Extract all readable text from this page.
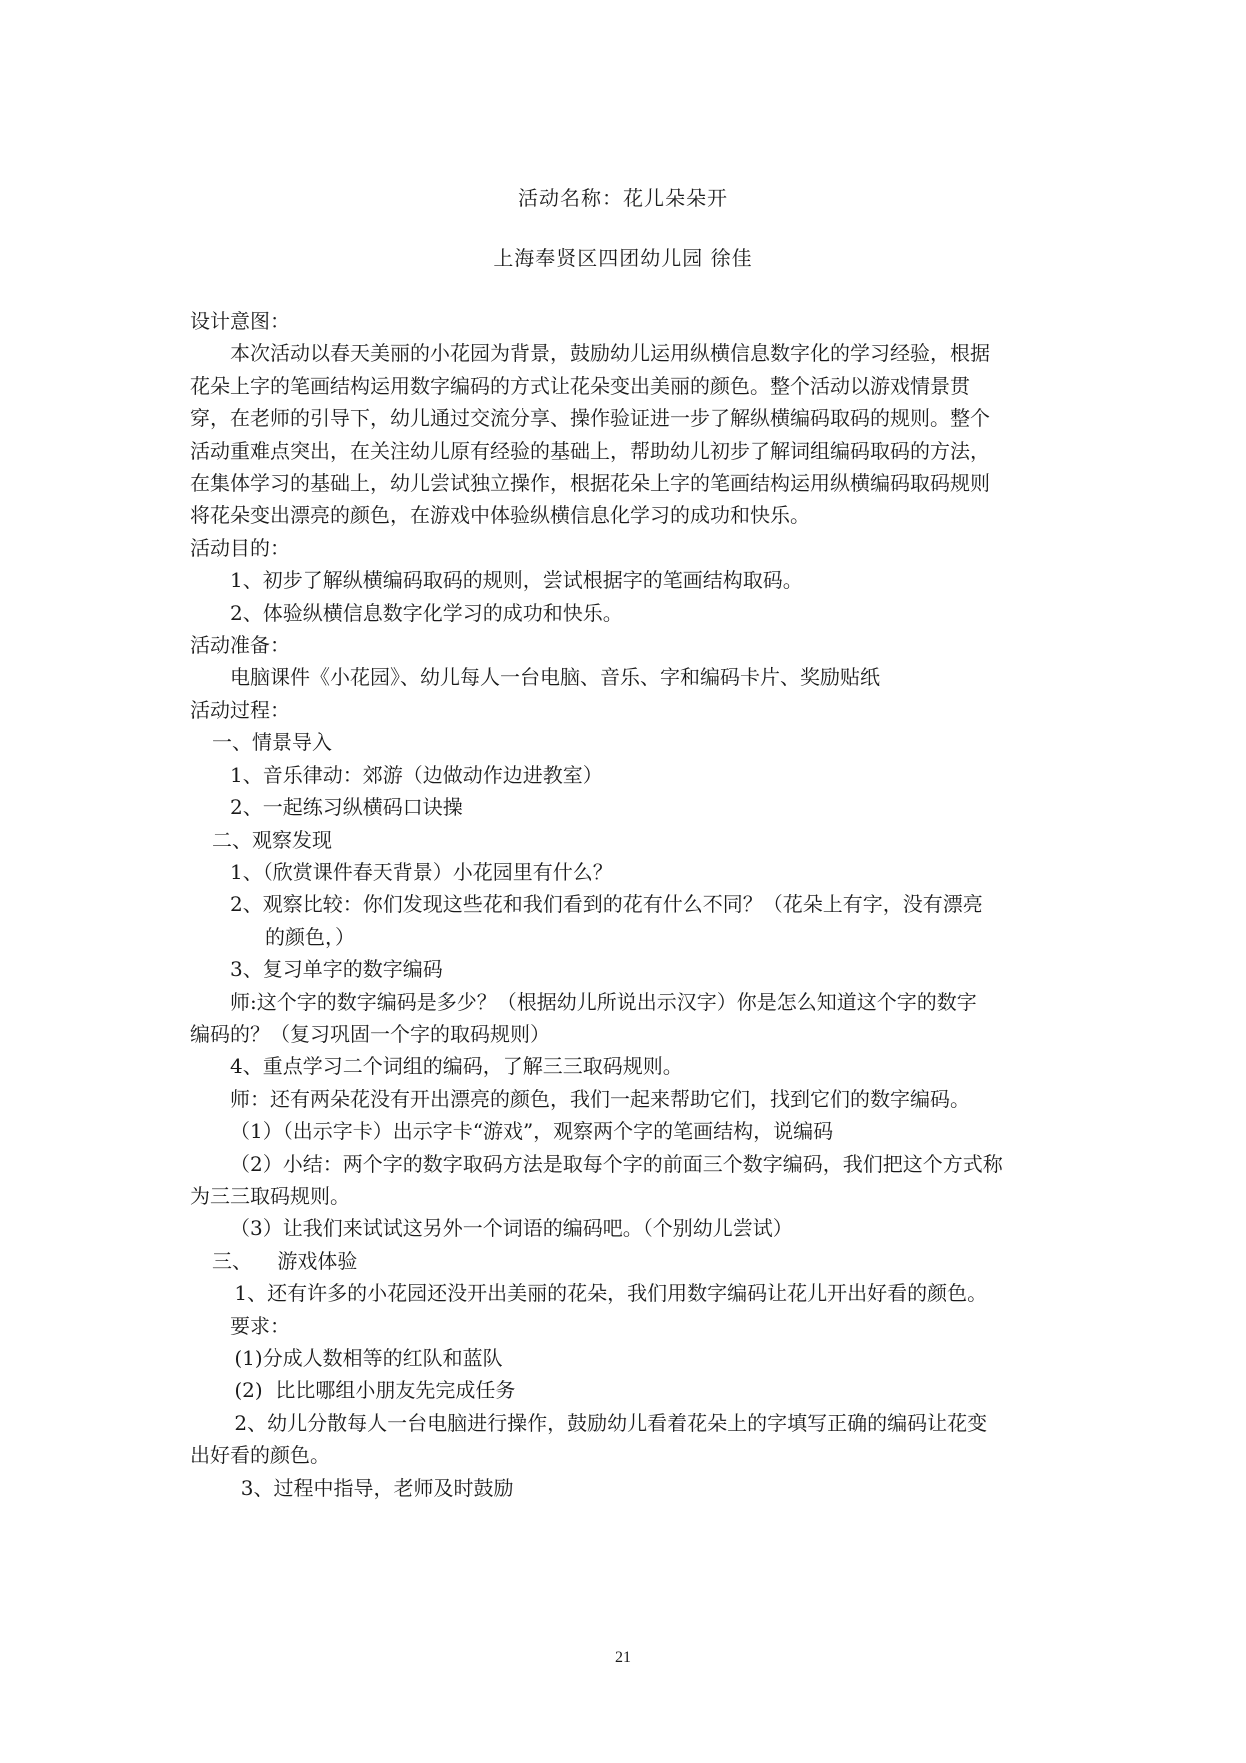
活动名称：花儿朵朵开
上海奉贤区四团幼儿园 徐佳
设计意图：
本次活动以春天美丽的小花园为背景，鼓励幼儿运用纵横信息数字化的学习经验，根据
花朵上字的笔画结构运用数字编码的方式让花朵变出美丽的颜色。整个活动以游戏情景贯
穿，在老师的引导下，幼儿通过交流分享、操作验证进一步了解纵横编码取码的规则。整个
活动重难点突出，在关注幼儿原有经验的基础上，帮助幼儿初步了解词组编码取码的方法，
在集体学习的基础上，幼儿尝试独立操作，根据花朵上字的笔画结构运用纵横编码取码规则
将花朵变出漂亮的颜色，在游戏中体验纵横信息化学习的成功和快乐。
活动目的：
1、初步了解纵横编码取码的规则，尝试根据字的笔画结构取码。
2、体验纵横信息数字化学习的成功和快乐。
活动准备：
电脑课件《小花园》、幼儿每人一台电脑、音乐、字和编码卡片、奖励贴纸
活动过程：
一、情景导入
1、音乐律动：郊游（边做动作边进教室）
2、一起练习纵横码口诀操
二、观察发现
1、（欣赏课件春天背景）小花园里有什么？
2、观察比较：你们发现这些花和我们看到的花有什么不同？（花朵上有字，没有漂亮
的颜色，）
3、复习单字的数字编码
师:这个字的数字编码是多少？（根据幼儿所说出示汉字）你是怎么知道这个字的数字
编码的？（复习巩固一个字的取码规则）
4、重点学习二个词组的编码，了解三三取码规则。
师：还有两朵花没有开出漂亮的颜色，我们一起来帮助它们，找到它们的数字编码。
（1）（出示字卡）出示字卡“游戏”，观察两个字的笔画结构，说编码
（2）小结：两个字的数字取码方法是取每个字的前面三个数字编码，我们把这个方式称
为三三取码规则。
（3）让我们来试试这另外一个词语的编码吧。（个别幼儿尝试）
三、    游戏体验
1、还有许多的小花园还没开出美丽的花朵，我们用数字编码让花儿开出好看的颜色。
要求：
(1)分成人数相等的红队和蓝队
(2)  比比哪组小朋友先完成任务
2、幼儿分散每人一台电脑进行操作，鼓励幼儿看着花朵上的字填写正确的编码让花变
出好看的颜色。
3、过程中指导，老师及时鼓励
21
